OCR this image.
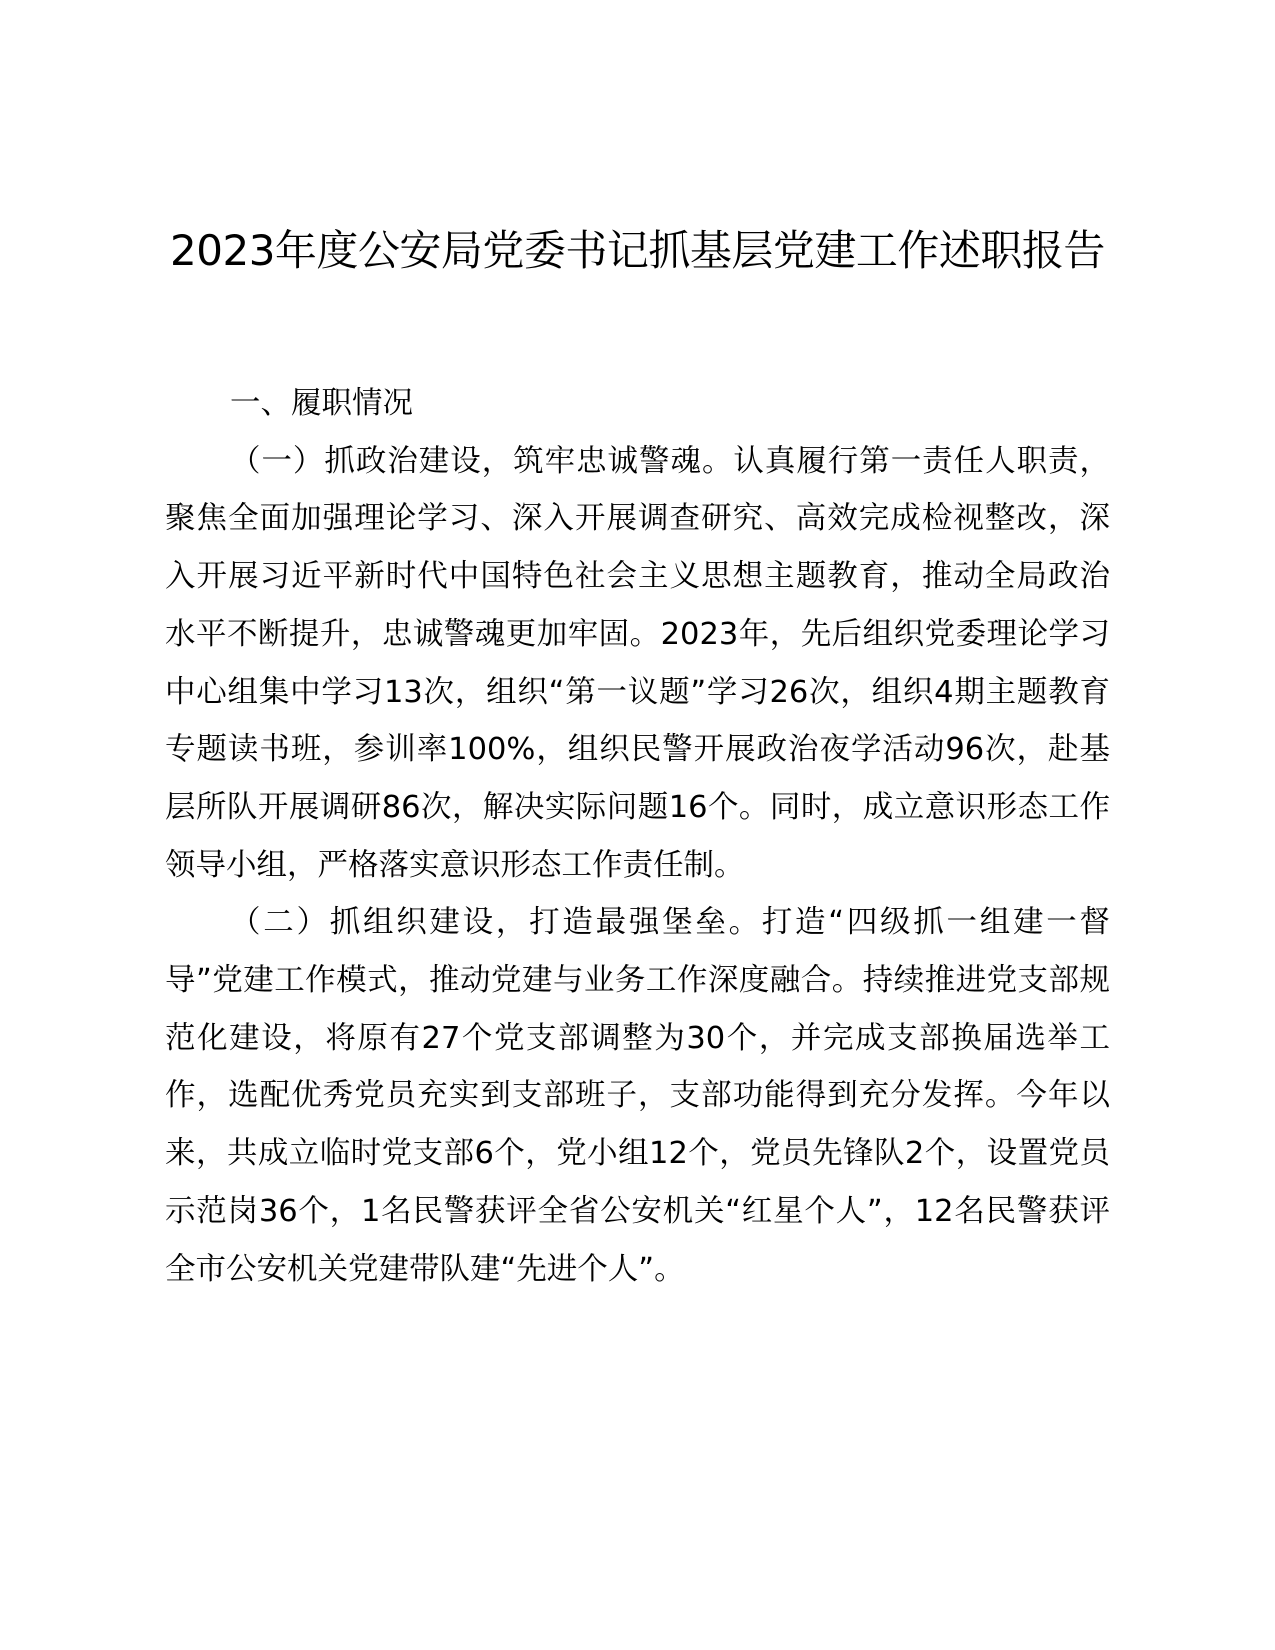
2023年度公安局党委书记抓基层党建工作述职报告

一、履职情况

（一）抓政治建设，筑牢忠诚警魂。认真履行第一责任人职责，聚焦全面加强理论学习、深入开展调查研究、高效完成检视整改，深入开展习近平新时代中国特色社会主义思想主题教育，推动全局政治水平不断提升，忠诚警魂更加牢固。2023年，先后组织党委理论学习中心组集中学习13次，组织“第一议题”学习26次，组织4期主题教育专题读书班，参训率100%，组织民警开展政治夜学活动96次，赴基层所队开展调研86次，解决实际问题16个。同时，成立意识形态工作领导小组，严格落实意识形态工作责任制。

（二）抓组织建设，打造最强堡垒。打造“四级抓一组建一督导”党建工作模式，推动党建与业务工作深度融合。持续推进党支部规范化建设，将原有27个党支部调整为30个，并完成支部换届选举工作，选配优秀党员充实到支部班子，支部功能得到充分发挥。今年以来，共成立临时党支部6个，党小组12个，党员先锋队2个，设置党员示范岗36个，1名民警获评全省公安机关“红星个人”，12名民警获评全市公安机关党建带队建“先进个人”。
